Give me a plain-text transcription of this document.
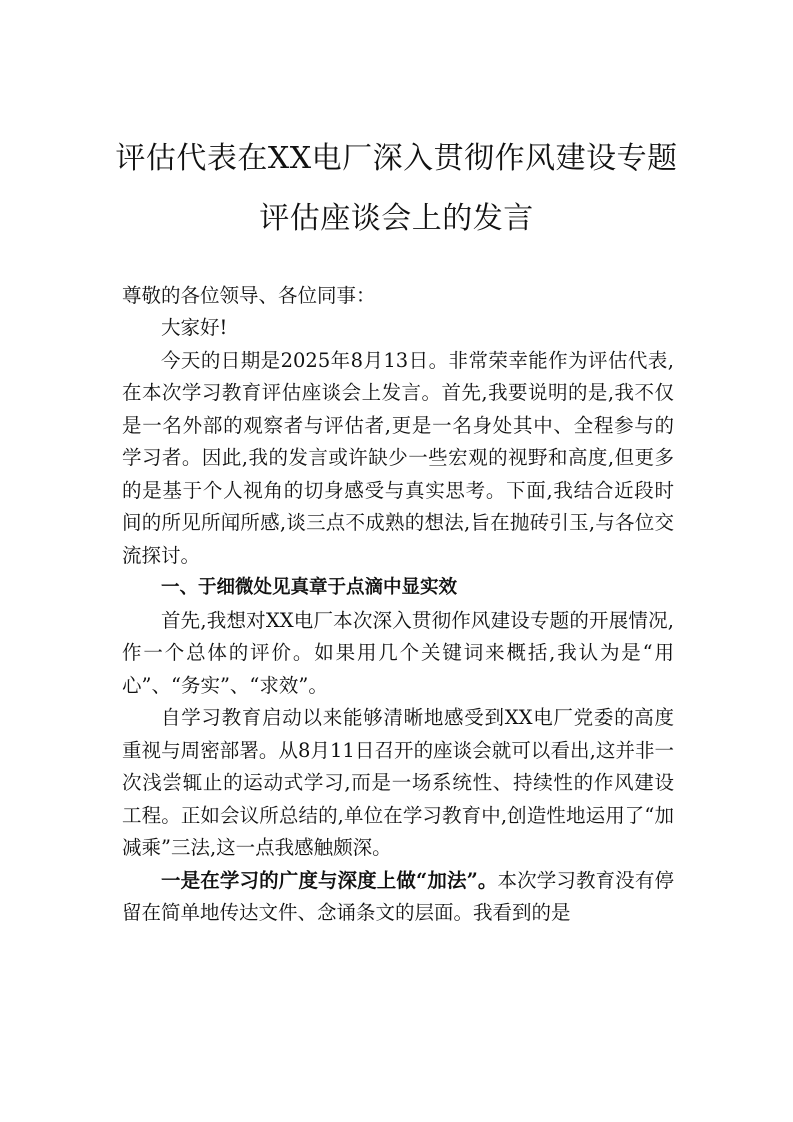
评估代表在XX电厂深入贯彻作风建设专题
评估座谈会上的发言
尊敬的各位领导、各位同事：

大家好!

今天的日期是2025年8月13日。非常荣幸能作为评估代表,在本次学习教育评估座谈会上发言。首先,我要说明的是,我不仅是一名外部的观察者与评估者,更是一名身处其中、全程参与的学习者。因此,我的发言或许缺少一些宏观的视野和高度,但更多的是基于个人视角的切身感受与真实思考。下面,我结合近段时间的所见所闻所感,谈三点不成熟的想法,旨在抛砖引玉,与各位交流探讨。

一、于细微处见真章于点滴中显实效

首先,我想对XX电厂本次深入贯彻作风建设专题的开展情况,作一个总体的评价。如果用几个关键词来概括,我认为是“用心”、“务实”、“求效”。

自学习教育启动以来能够清晰地感受到XX电厂党委的高度重视与周密部署。从8月11日召开的座谈会就可以看出,这并非一次浅尝辄止的运动式学习,而是一场系统性、持续性的作风建设工程。正如会议所总结的,单位在学习教育中,创造性地运用了“加减乘”三法,这一点我感触颇深。

一是在学习的广度与深度上做“加法”。本次学习教育没有停留在简单地传达文件、念诵条文的层面。我看到的是
